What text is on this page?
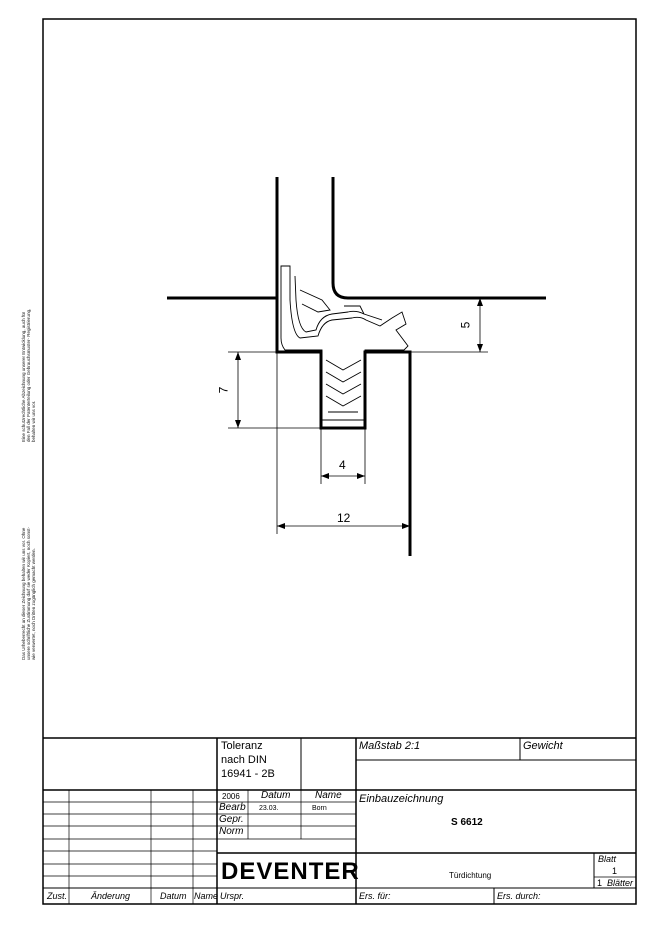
5
7
4
12
Das Urheberrecht an dieser Zeichnung behalten wir uns vor. Ohne unsere schriftliche Zustimmung darf sie weder Kopiert, noch sonst- wie verwertet, noch Dritten zugänglich gemacht werden.
Eine schutzrechtliche Abzeichnung unserer Entwicklung, auch für den Fall der Patenterteilung oder Gebrauchsmuster- Registrierung, behalten wir uns vor.
Toleranz
nach DIN
16941 - 2B
Maßstab 2:1	Gewicht
2006 Datum Name
Bearb 23.03.	Born
Gepr.
Norm
Einbauzeichnung
S 6612
DEVENTER	Türdichtung
Blatt
1
1 Blätter
Zust.	Änderung	Datum Name Urspr.	Ers. für:	Ers. durch:
